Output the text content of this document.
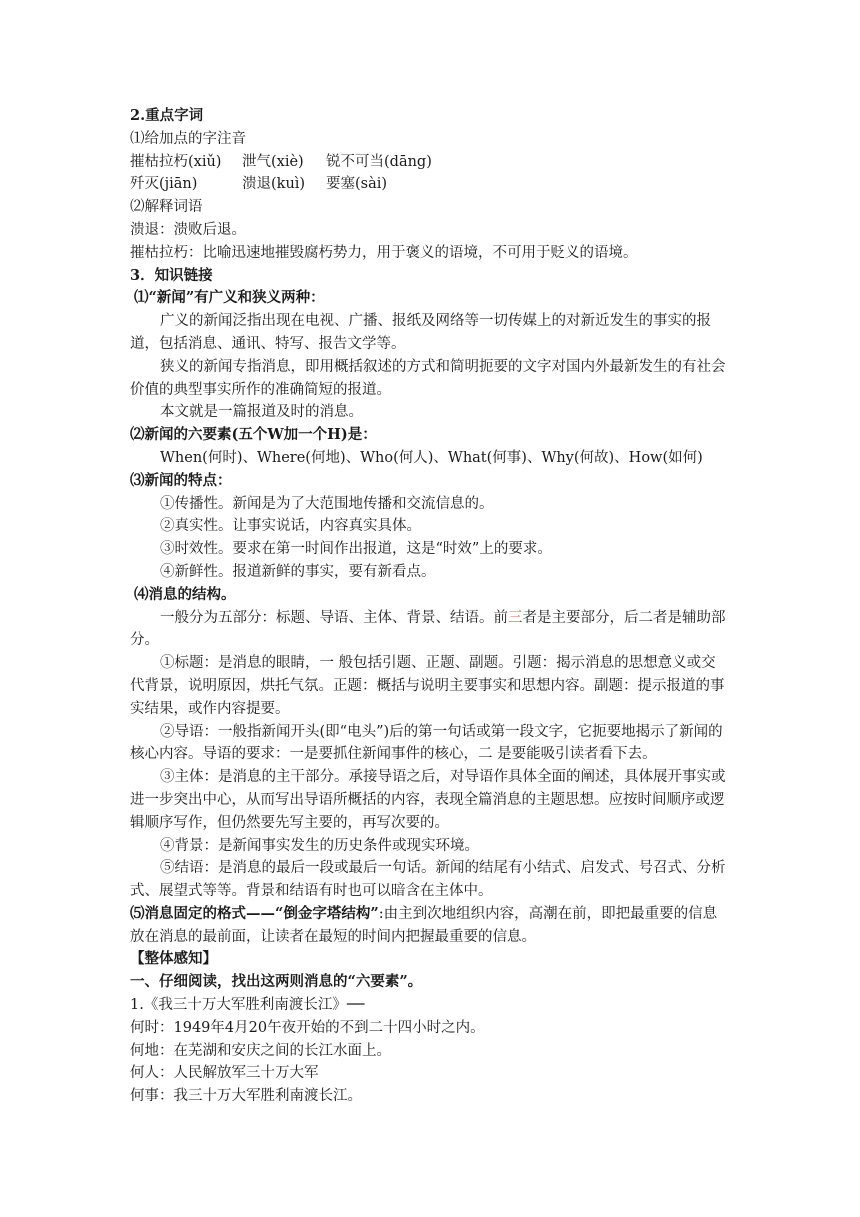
2.重点字词

⑴给加点的字注音

摧枯拉朽(xiǔ) 泄气(xiè) 锐不可当(dāng)

歼灭(jiān)	溃退(kuì) 要塞(sài)

⑵解释词语

溃退：溃败后退。

摧枯拉朽：比喻迅速地摧毁腐朽势力，用于褒义的语境，不可用于贬义的语境。

3．知识链接

⑴“新闻”有广义和狭义两种：

广义的新闻泛指出现在电视、广播、报纸及网络等一切传媒上的对新近发生的事实的报道，包括消息、通讯、特写、报告文学等。

狭义的新闻专指消息，即用概括叙述的方式和简明扼要的文字对国内外最新发生的有社会价值的典型事实所作的准确简短的报道。

本文就是一篇报道及时的消息。

⑵新闻的六要素(五个W加一个H)是：

When(何时)、Where(何地)、Who(何人)、What(何事)、Why(何故)、How(如何)

⑶新闻的特点：

①传播性。新闻是为了大范围地传播和交流信息的。

②真实性。让事实说话，内容真实具体。

③时效性。要求在第一时间作出报道，这是“时效”上的要求。

④新鲜性。报道新鲜的事实，要有新看点。

⑷消息的结构。

一般分为五部分：标题、导语、主体、背景、结语。前三者是主要部分，后二者是辅助部分。

①标题：是消息的眼睛，一 般包括引题、正题、副题。引题：揭示消息的思想意义或交代背景，说明原因，烘托气氛。正题：概括与说明主要事实和思想内容。副题：提示报道的事实结果，或作内容提要。

②导语：一般指新闻开头(即“电头”)后的第一句话或第一段文字，它扼要地揭示了新闻的核心内容。导语的要求：一是要抓住新闻事件的核心，二 是要能吸引读者看下去。

③主体：是消息的主干部分。承接导语之后，对导语作具体全面的阐述，具体展开事实或进一步突出中心，从而写出导语所概括的内容，表现全篇消息的主题思想。应按时间顺序或逻辑顺序写作，但仍然要先写主要的，再写次要的。

④背景：是新闻事实发生的历史条件或现实环境。

⑤结语：是消息的最后一段或最后一句话。新闻的结尾有小结式、启发式、号召式、分析式、展望式等等。背景和结语有时也可以暗含在主体中。

⑸消息固定的格式——“倒金字塔结构”:由主到次地组织内容，高潮在前，即把最重要的信息放在消息的最前面，让读者在最短的时间内把握最重要的信息。

【整体感知】

一、仔细阅读，找出这两则消息的“六要素”。

1.《我三十万大军胜利南渡长江》──

何时：1949年4月20午夜开始的不到二十四小时之内。

何地：在芜湖和安庆之间的长江水面上。

何人：人民解放军三十万大军

何事：我三十万大军胜利南渡长江。
